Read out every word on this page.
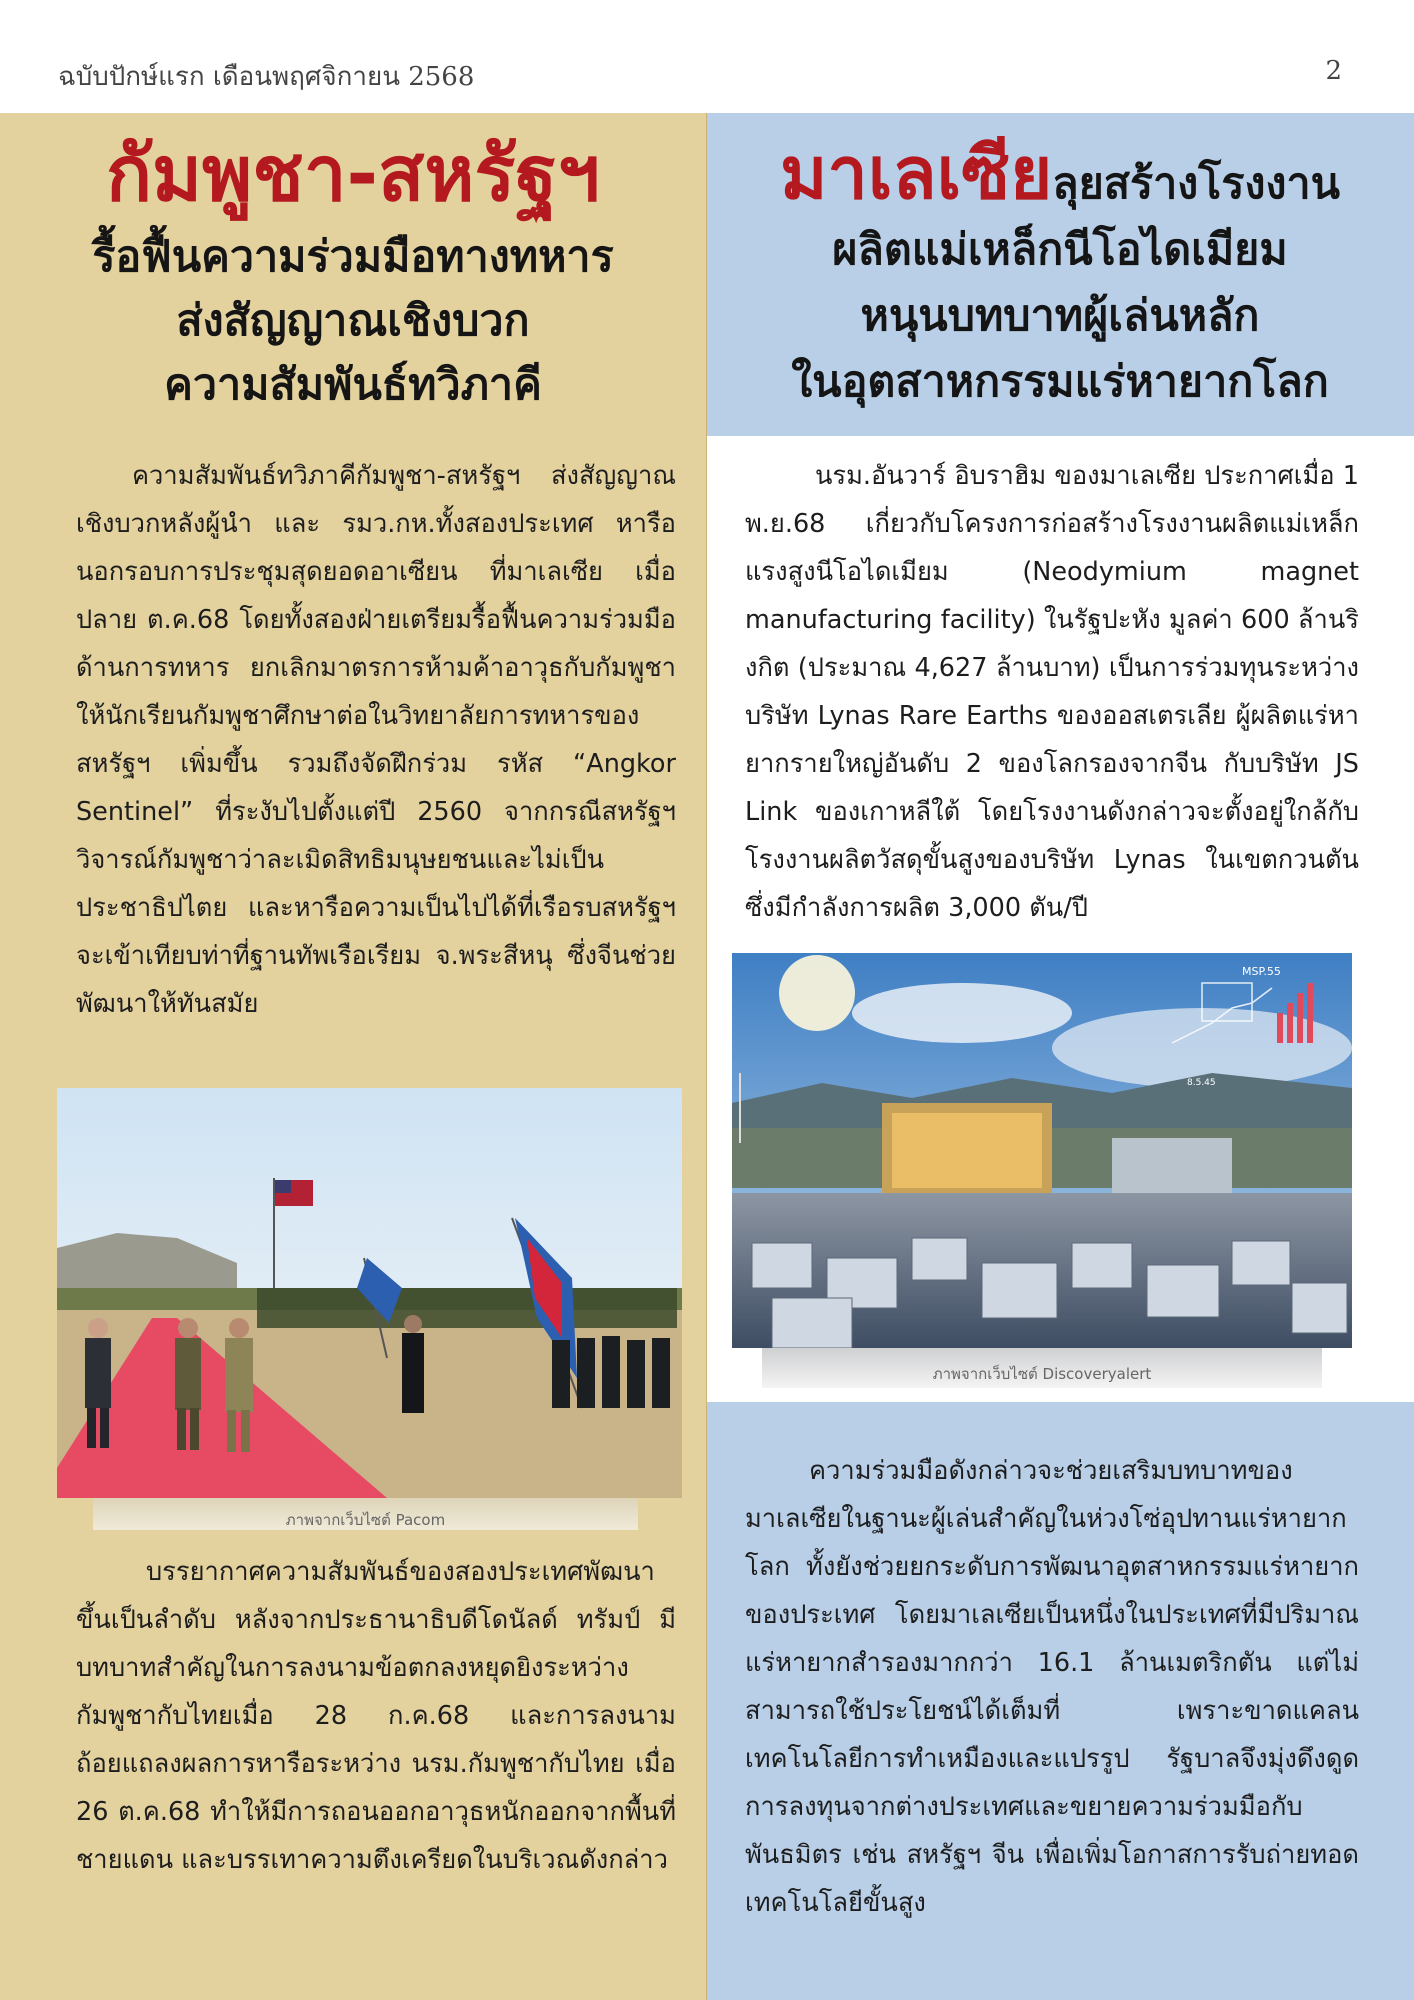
ฉบับปักษ์แรก เดือนพฤศจิกายน 2568	2
กัมพูชา-สหรัฐฯ
รื้อฟื้นความร่วมมือทางทหาร
ส่งสัญญาณเชิงบวก
ความสัมพันธ์ทวิภาคี
ความสัมพันธ์ทวิภาคีกัมพูชา-สหรัฐฯ ส่งสัญญาณเชิงบวกหลังผู้นำ และ รมว.กห.ทั้งสองประเทศ หารือนอกรอบการประชุมสุดยอดอาเซียน ที่มาเลเซีย เมื่อปลาย ต.ค.68 โดยทั้งสองฝ่ายเตรียมรื้อฟื้นความร่วมมือด้านการทหาร ยกเลิกมาตรการห้ามค้าอาวุธกับกัมพูชา ให้นักเรียนกัมพูชาศึกษาต่อในวิทยาลัยการทหารของสหรัฐฯ เพิ่มขึ้น รวมถึงจัดฝึกร่วม รหัส “Angkor Sentinel” ที่ระงับไปตั้งแต่ปี 2560 จากกรณีสหรัฐฯ วิจารณ์กัมพูชาว่าละเมิดสิทธิมนุษยชนและไม่เป็นประชาธิปไตย และหารือความเป็นไปได้ที่เรือรบสหรัฐฯ จะเข้าเทียบท่าที่ฐานทัพเรือเรียม จ.พระสีหนุ ซึ่งจีนช่วยพัฒนาให้ทันสมัย
ภาพจากเว็บไซต์ Pacom
บรรยากาศความสัมพันธ์ของสองประเทศพัฒนาขึ้นเป็นลำดับ หลังจากประธานาธิบดีโดนัลด์ ทรัมป์ มีบทบาทสำคัญในการลงนามข้อตกลงหยุดยิงระหว่างกัมพูชากับไทยเมื่อ 28 ก.ค.68 และการลงนามถ้อยแถลงผลการหารือระหว่าง นรม.กัมพูชากับไทย เมื่อ 26 ต.ค.68 ทำให้มีการถอนออกอาวุธหนักออกจากพื้นที่ชายแดน และบรรเทาความตึงเครียดในบริเวณดังกล่าว
มาเลเซียลุยสร้างโรงงาน
ผลิตแม่เหล็กนีโอไดเมียม
หนุนบทบาทผู้เล่นหลัก
ในอุตสาหกรรมแร่หายากโลก
นรม.อันวาร์ อิบราฮิม ของมาเลเซีย ประกาศเมื่อ 1 พ.ย.68 เกี่ยวกับโครงการก่อสร้างโรงงานผลิตแม่เหล็กแรงสูงนีโอไดเมียม (Neodymium magnet manufacturing facility) ในรัฐปะหัง มูลค่า 600 ล้านริงกิต (ประมาณ 4,627 ล้านบาท) เป็นการร่วมทุนระหว่างบริษัท Lynas Rare Earths ของออสเตรเลีย ผู้ผลิตแร่หายากรายใหญ่อันดับ 2 ของโลกรองจากจีน กับบริษัท JS Link ของเกาหลีใต้ โดยโรงงานดังกล่าวจะตั้งอยู่ใกล้กับโรงงานผลิตวัสดุขั้นสูงของบริษัท Lynas ในเขตกวนตัน ซึ่งมีกำลังการผลิต 3,000 ตัน/ปี
MSP.55
8.5.45
ภาพจากเว็บไซต์ Discoveryalert
ความร่วมมือดังกล่าวจะช่วยเสริมบทบาทของมาเลเซียในฐานะผู้เล่นสำคัญในห่วงโซ่อุปทานแร่หายากโลก ทั้งยังช่วยยกระดับการพัฒนาอุตสาหกรรมแร่หายากของประเทศ โดยมาเลเซียเป็นหนึ่งในประเทศที่มีปริมาณแร่หายากสำรองมากกว่า 16.1 ล้านเมตริกตัน แต่ไม่สามารถใช้ประโยชน์ได้เต็มที่ เพราะขาดแคลนเทคโนโลยีการทำเหมืองและแปรรูป รัฐบาลจึงมุ่งดึงดูดการลงทุนจากต่างประเทศและขยายความร่วมมือกับพันธมิตร เช่น สหรัฐฯ จีน เพื่อเพิ่มโอกาสการรับถ่ายทอดเทคโนโลยีขั้นสูง
